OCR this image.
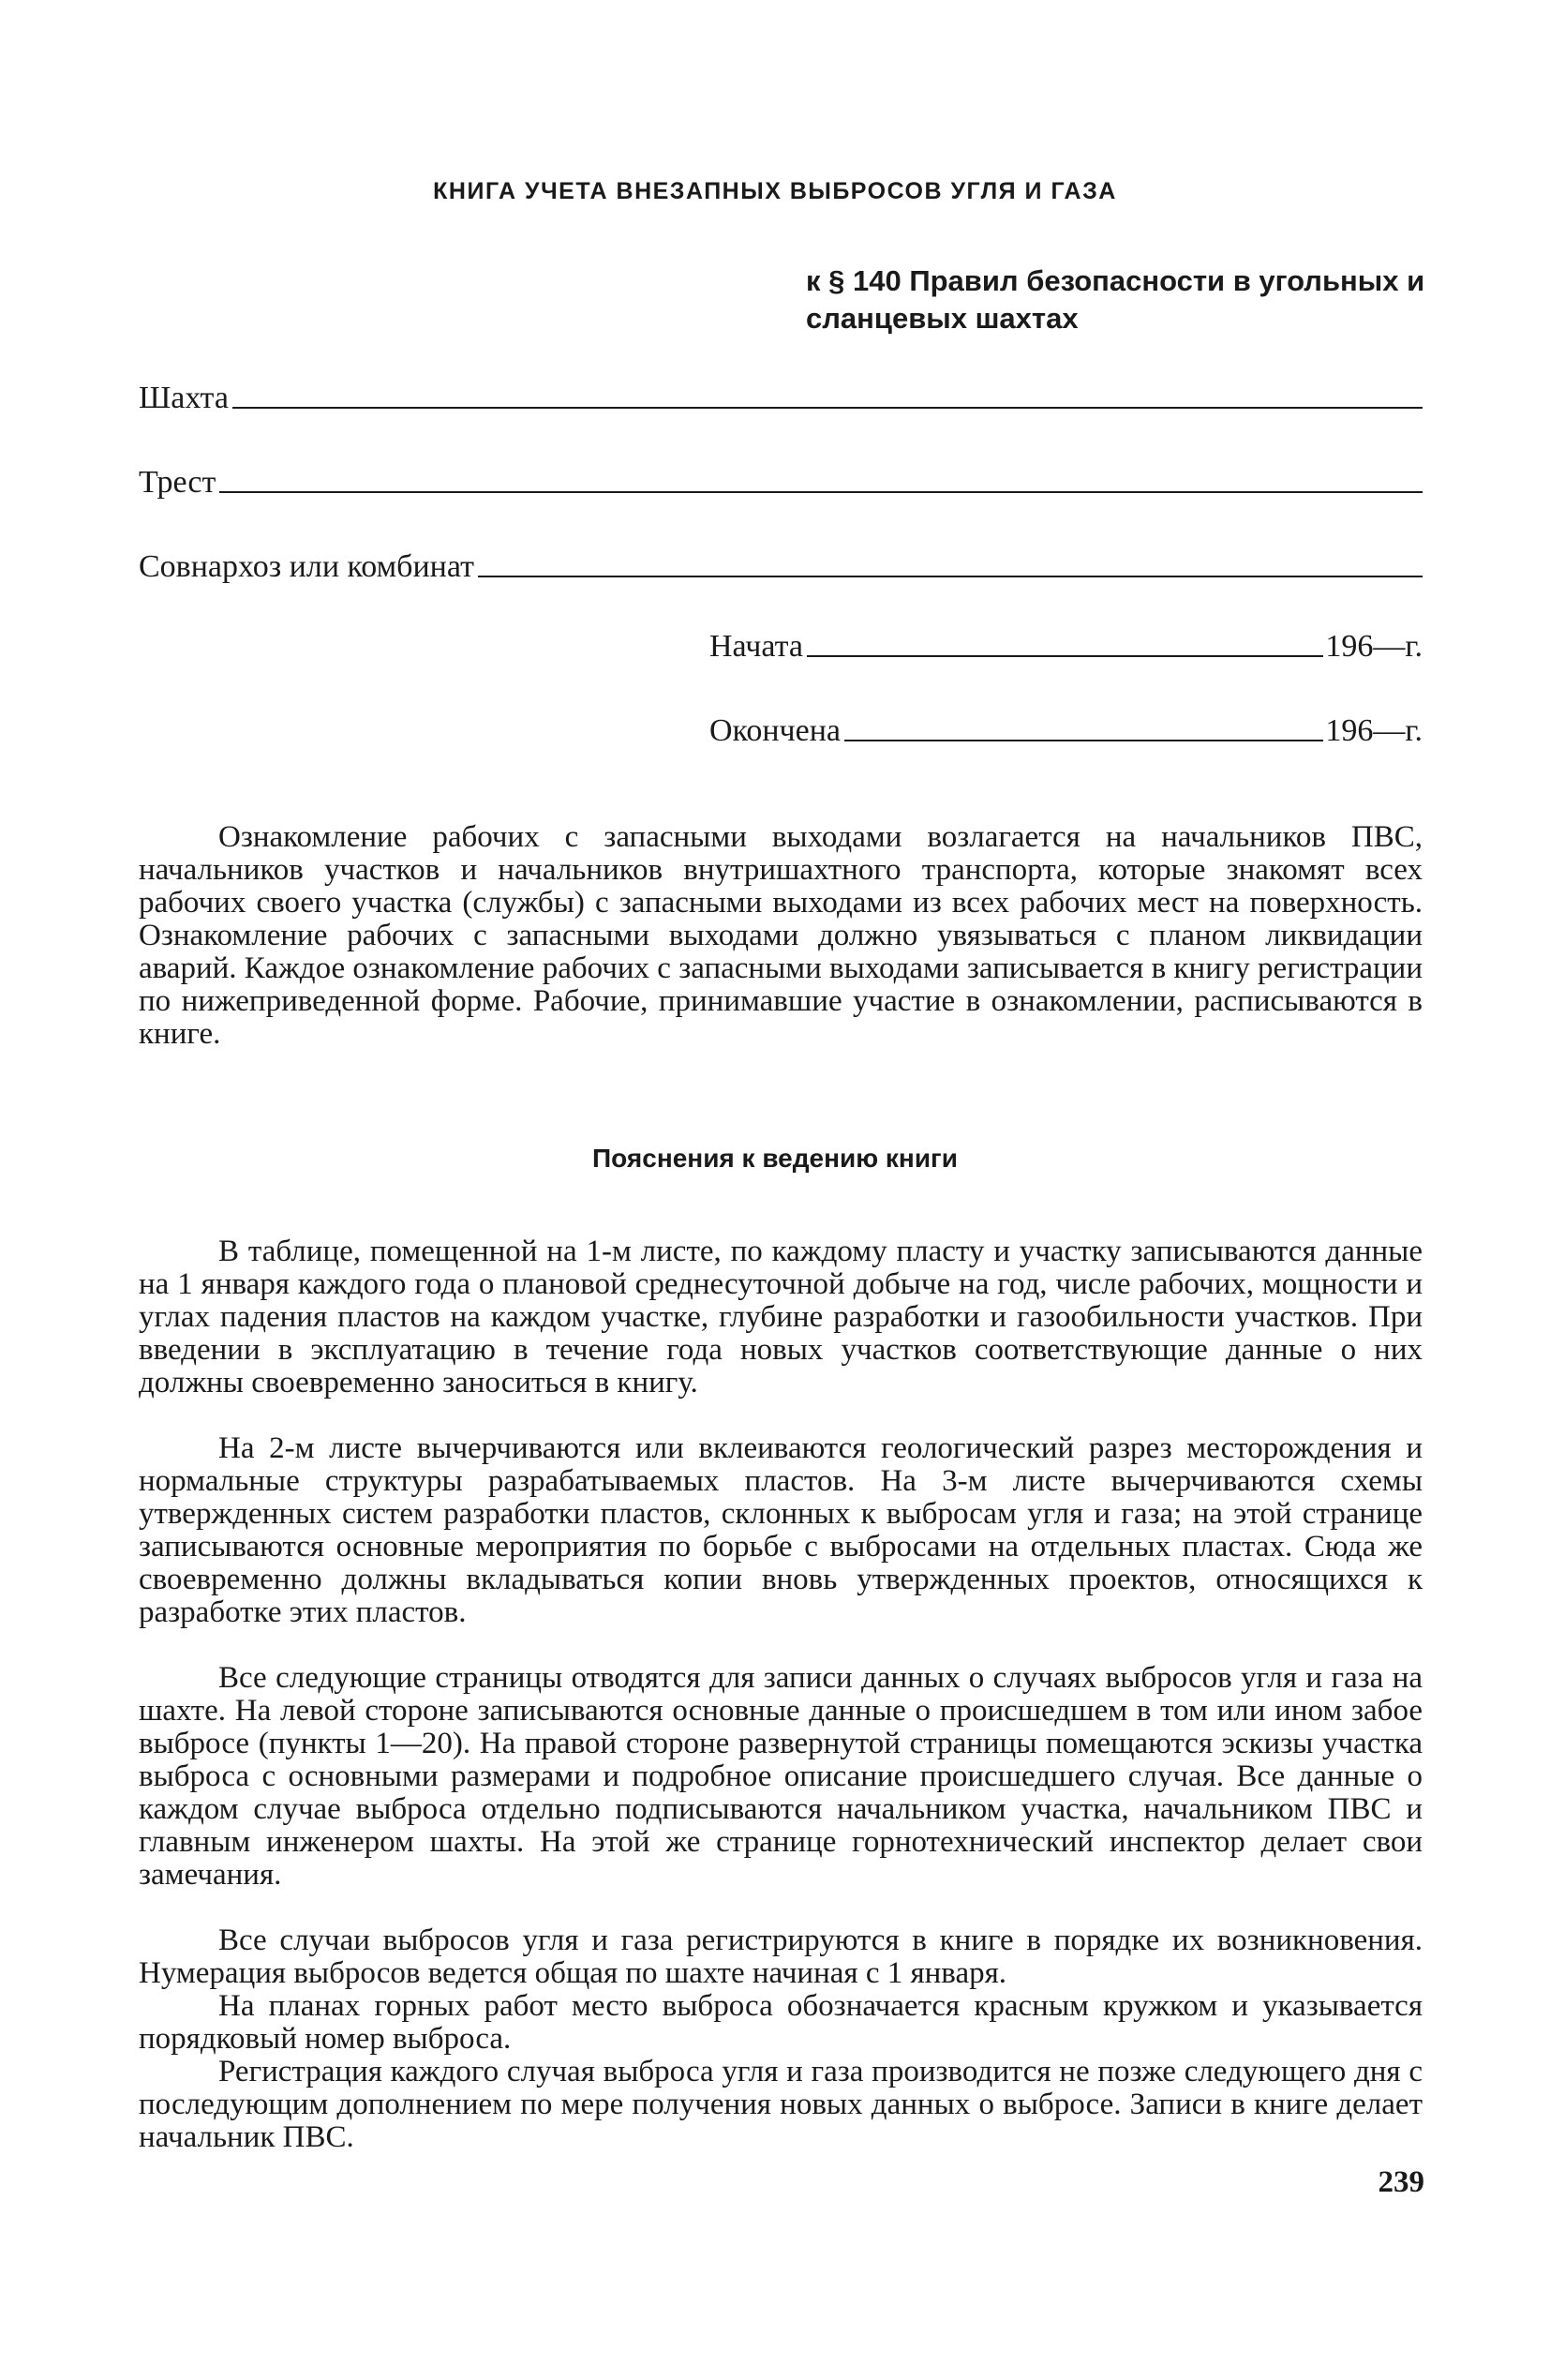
КНИГА УЧЕТА ВНЕЗАПНЫХ ВЫБРОСОВ УГЛЯ И ГАЗА
к § 140 Правил безопасности в угольных и сланцевых шахтах
Шахта
Трест
Совнархоз или комбинат
Начата	196—г.
Окончена	196—г.

Ознакомление рабочих с запасными выходами возлагается на начальников ПВС, начальников участков и начальников внутришахтного транспорта, которые знакомят всех рабочих своего участка (службы) с запасными выходами из всех рабочих мест на поверхность. Ознакомление рабочих с запасными выходами должно увязываться с планом ликвидации аварий. Каждое ознакомление рабочих с запасными выходами записывается в книгу регистрации по нижеприведенной форме. Рабочие, принимавшие участие в ознакомлении, расписываются в книге.

Пояснения к ведению книги

В таблице, помещенной на 1-м листе, по каждому пласту и участку записываются данные на 1 января каждого года о плановой среднесуточной добыче на год, числе рабочих, мощности и углах падения пластов на каждом участке, глубине разработки и газообильности участков. При введении в эксплуатацию в течение года новых участков соответствующие данные о них должны своевременно заноситься в книгу.

На 2-м листе вычерчиваются или вклеиваются геологический разрез месторождения и нормальные структуры разрабатываемых пластов. На 3-м листе вычерчиваются схемы утвержденных систем разработки пластов, склонных к выбросам угля и газа; на этой странице записываются основные мероприятия по борьбе с выбросами на отдельных пластах. Сюда же своевременно должны вкладываться копии вновь утвержденных проектов, относящихся к разработке этих пластов.

Все следующие страницы отводятся для записи данных о случаях выбросов угля и газа на шахте. На левой стороне записываются основные данные о происшедшем в том или ином забое выбросе (пункты 1—20). На правой стороне развернутой страницы помещаются эскизы участка выброса с основными размерами и подробное описание происшедшего случая. Все данные о каждом случае выброса отдельно подписываются начальником участка, начальником ПВС и главным инженером шахты. На этой же странице горнотехнический инспектор делает свои замечания.

Все случаи выбросов угля и газа регистрируются в книге в порядке их возникновения. Нумерация выбросов ведется общая по шахте начиная с 1 января.

На планах горных работ место выброса обозначается красным кружком и указывается порядковый номер выброса.

Регистрация каждого случая выброса угля и газа производится не позже следующего дня с последующим дополнением по мере получения новых данных о выбросе. Записи в книге делает начальник ПВС.

239
